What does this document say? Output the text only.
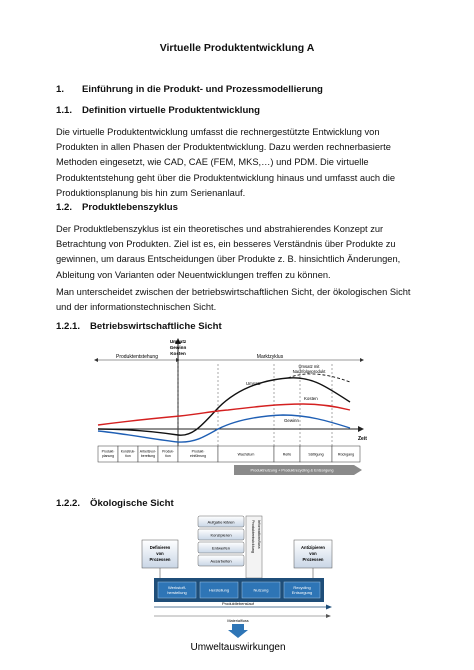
Virtuelle Produktentwicklung A
1. Einführung in die Produkt- und Prozessmodellierung
1.1. Definition virtuelle Produktentwicklung
Die virtuelle Produktentwicklung umfasst die rechnergestützte Entwicklung von Produkten in allen Phasen der Produktentwicklung. Dazu werden rechnerbasierte Methoden eingesetzt, wie CAD, CAE (FEM, MKS,…) und PDM. Die virtuelle Produktentstehung geht über die Produktentwicklung hinaus und umfasst auch die Produktionsplanung bis hin zum Serienanlauf.
1.2. Produktlebenszyklus
Der Produktlebenszyklus ist ein theoretisches und abstrahierendes Konzept zur Betrachtung von Produkten. Ziel ist es, ein besseres Verständnis über Produkte zu gewinnen, um daraus Entscheidungen über Produkte z. B. hinsichtlich Änderungen, Ableitung von Varianten oder Neuentwicklungen treffen zu können.
Man unterscheidet zwischen der betriebswirtschaftlichen Sicht, der ökologischen Sicht und der informationstechnischen Sicht.
1.2.1. Betriebswirtschaftliche Sicht
Umsatz
Gewinn
Kosten
Produktentstehung	Marktzyklus
Umsatz mit
Nachfolgeprodukt
Umsatz
Kosten
Gewinn
Zeit
Produkt-
planung
Konstruk-
tion
Arbeitsvor-
bereitung
Produk-
tion
Produkt-
einführung	Wachstum	Reife	Sättigung	Rückgang
Produktnutzung + Produktrecycling & Entsorgung
1.2.2. Ökologische Sicht
Definieren
von
Prozessen
Antizipieren
von
Prozessen
Aufgabe klären
Konzipieren
Entwerfen
Ausarbeiten
Produktentwicklung Informationsfluss
Werkstoff-
herstellung	Herstellung	Nutzung	Recycling
Entsorgung
Produktlebenslauf
Materialfluss
Umweltauswirkungen
